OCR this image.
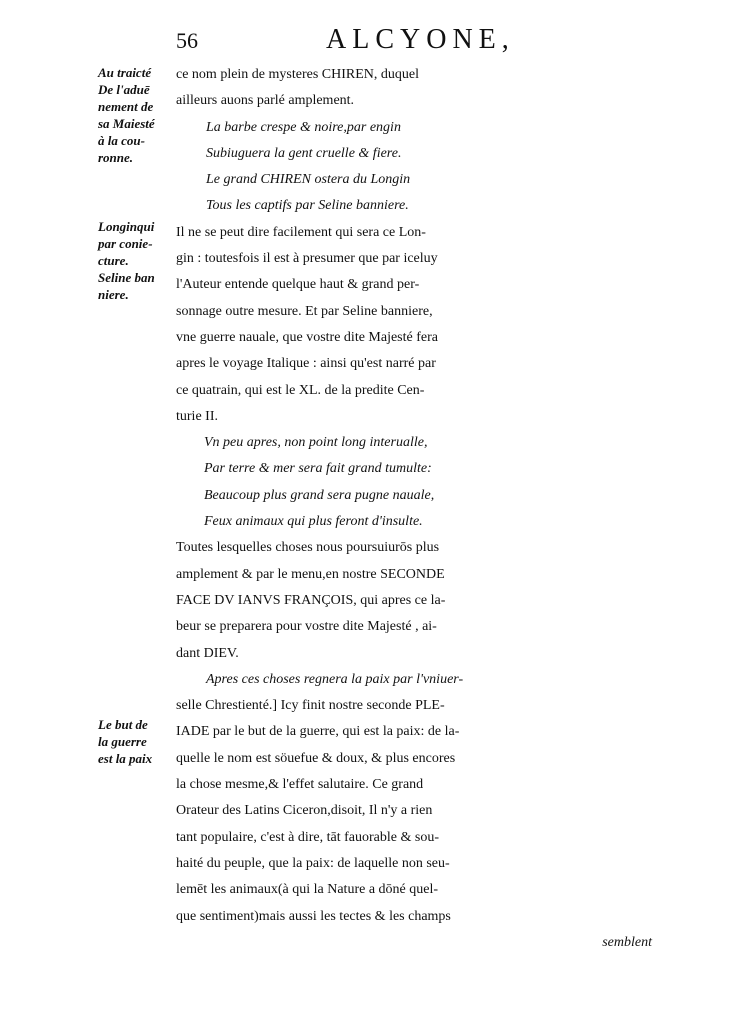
56	ALCYONE,
Au traicté
De l'aduē
nement de
sa Maiesté
à la cou-
ronne.
Longinqui
par conie-
cture.
Seline ban
niere.
Le but de
la guerre
est la paix
ce nom plein de mysteres CHIREN, duquel
ailleurs auons parlé amplement.
La barbe crespe & noire,par engin
Subiuguera la gent cruelle & fiere.
Le grand CHIREN ostera du Longin
Tous les captifs par Seline banniere.
Il ne se peut dire facilement qui sera ce Lon-
gin : toutesfois il est à presumer que par iceluy
l'Auteur entende quelque haut & grand per-
sonnage outre mesure. Et par Seline banniere,
vne guerre nauale, que vostre dite Majesté fera
apres le voyage Italique : ainsi qu'est narré par
ce quatrain, qui est le XL. de la predite Cen-
turie II.
Vn peu apres, non point long interualle,
Par terre & mer sera fait grand tumulte:
Beaucoup plus grand sera pugne nauale,
Feux animaux qui plus feront d'insulte.
Toutes lesquelles choses nous poursuiurōs plus
amplement & par le menu,en nostre SECONDE
FACE DV IANVS FRANÇOIS, qui apres ce la-
beur se preparera pour vostre dite Majesté , ai-
dant DIEV.
Apres ces choses regnera la paix par l'vniuer-
selle Chrestienté.] Icy finit nostre seconde PLE-
IADE par le but de la guerre, qui est la paix: de la-
quelle le nom est söuefue & doux, & plus encores
la chose mesme,& l'effet salutaire. Ce grand
Orateur des Latins Ciceron,disoit, Il n'y a rien
tant populaire, c'est à dire, tāt fauorable & sou-
haité du peuple, que la paix: de laquelle non seu-
lemēt les animaux(à qui la Nature a dōné quel-
que sentiment)mais aussi les tectes & les champs
semblent
